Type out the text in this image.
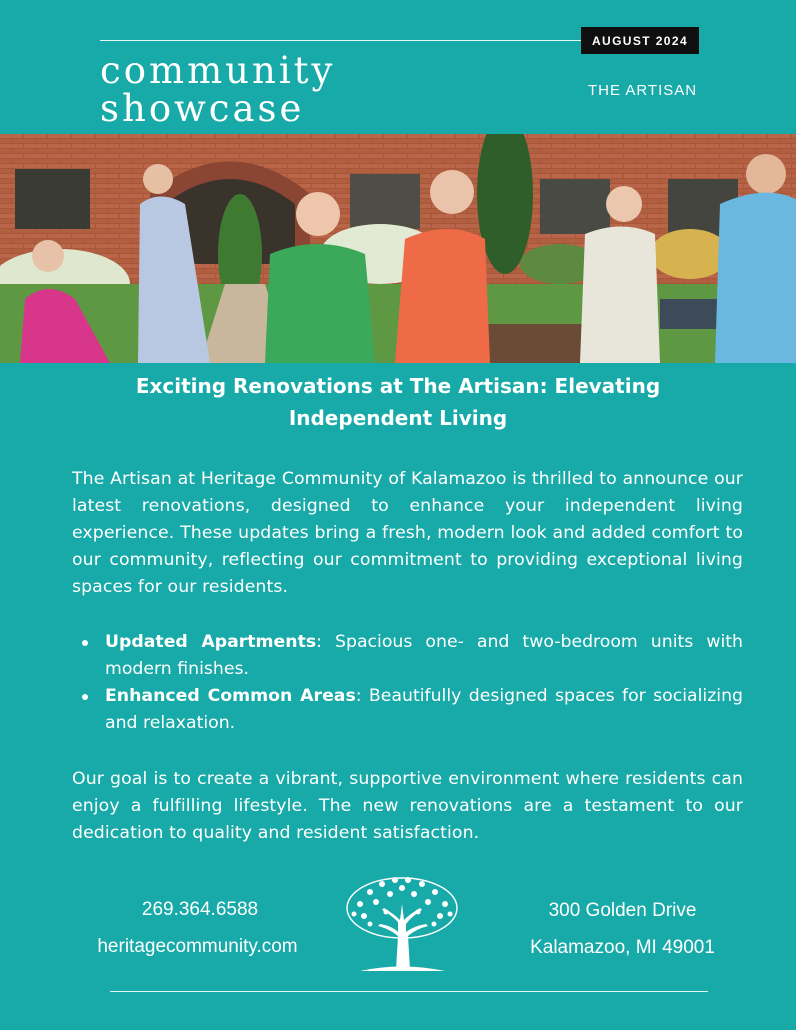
AUGUST 2024
community
showcase	THE ARTISAN
Exciting Renovations at The Artisan: Elevating
Independent Living
The Artisan at Heritage Community of Kalamazoo is thrilled to announce our latest renovations, designed to enhance your independent living experience. These updates bring a fresh, modern look and added comfort to our community, reflecting our commitment to providing exceptional living spaces for our residents.
Updated Apartments: Spacious one- and two-bedroom units with modern finishes.
Enhanced Common Areas: Beautifully designed spaces for socializing and relaxation.
Our goal is to create a vibrant, supportive environment where residents can enjoy a fulfilling lifestyle. The new renovations are a testament to our dedication to quality and resident satisfaction.
269.364.6588
heritagecommunity.com
300 Golden Drive
Kalamazoo, MI 49001
